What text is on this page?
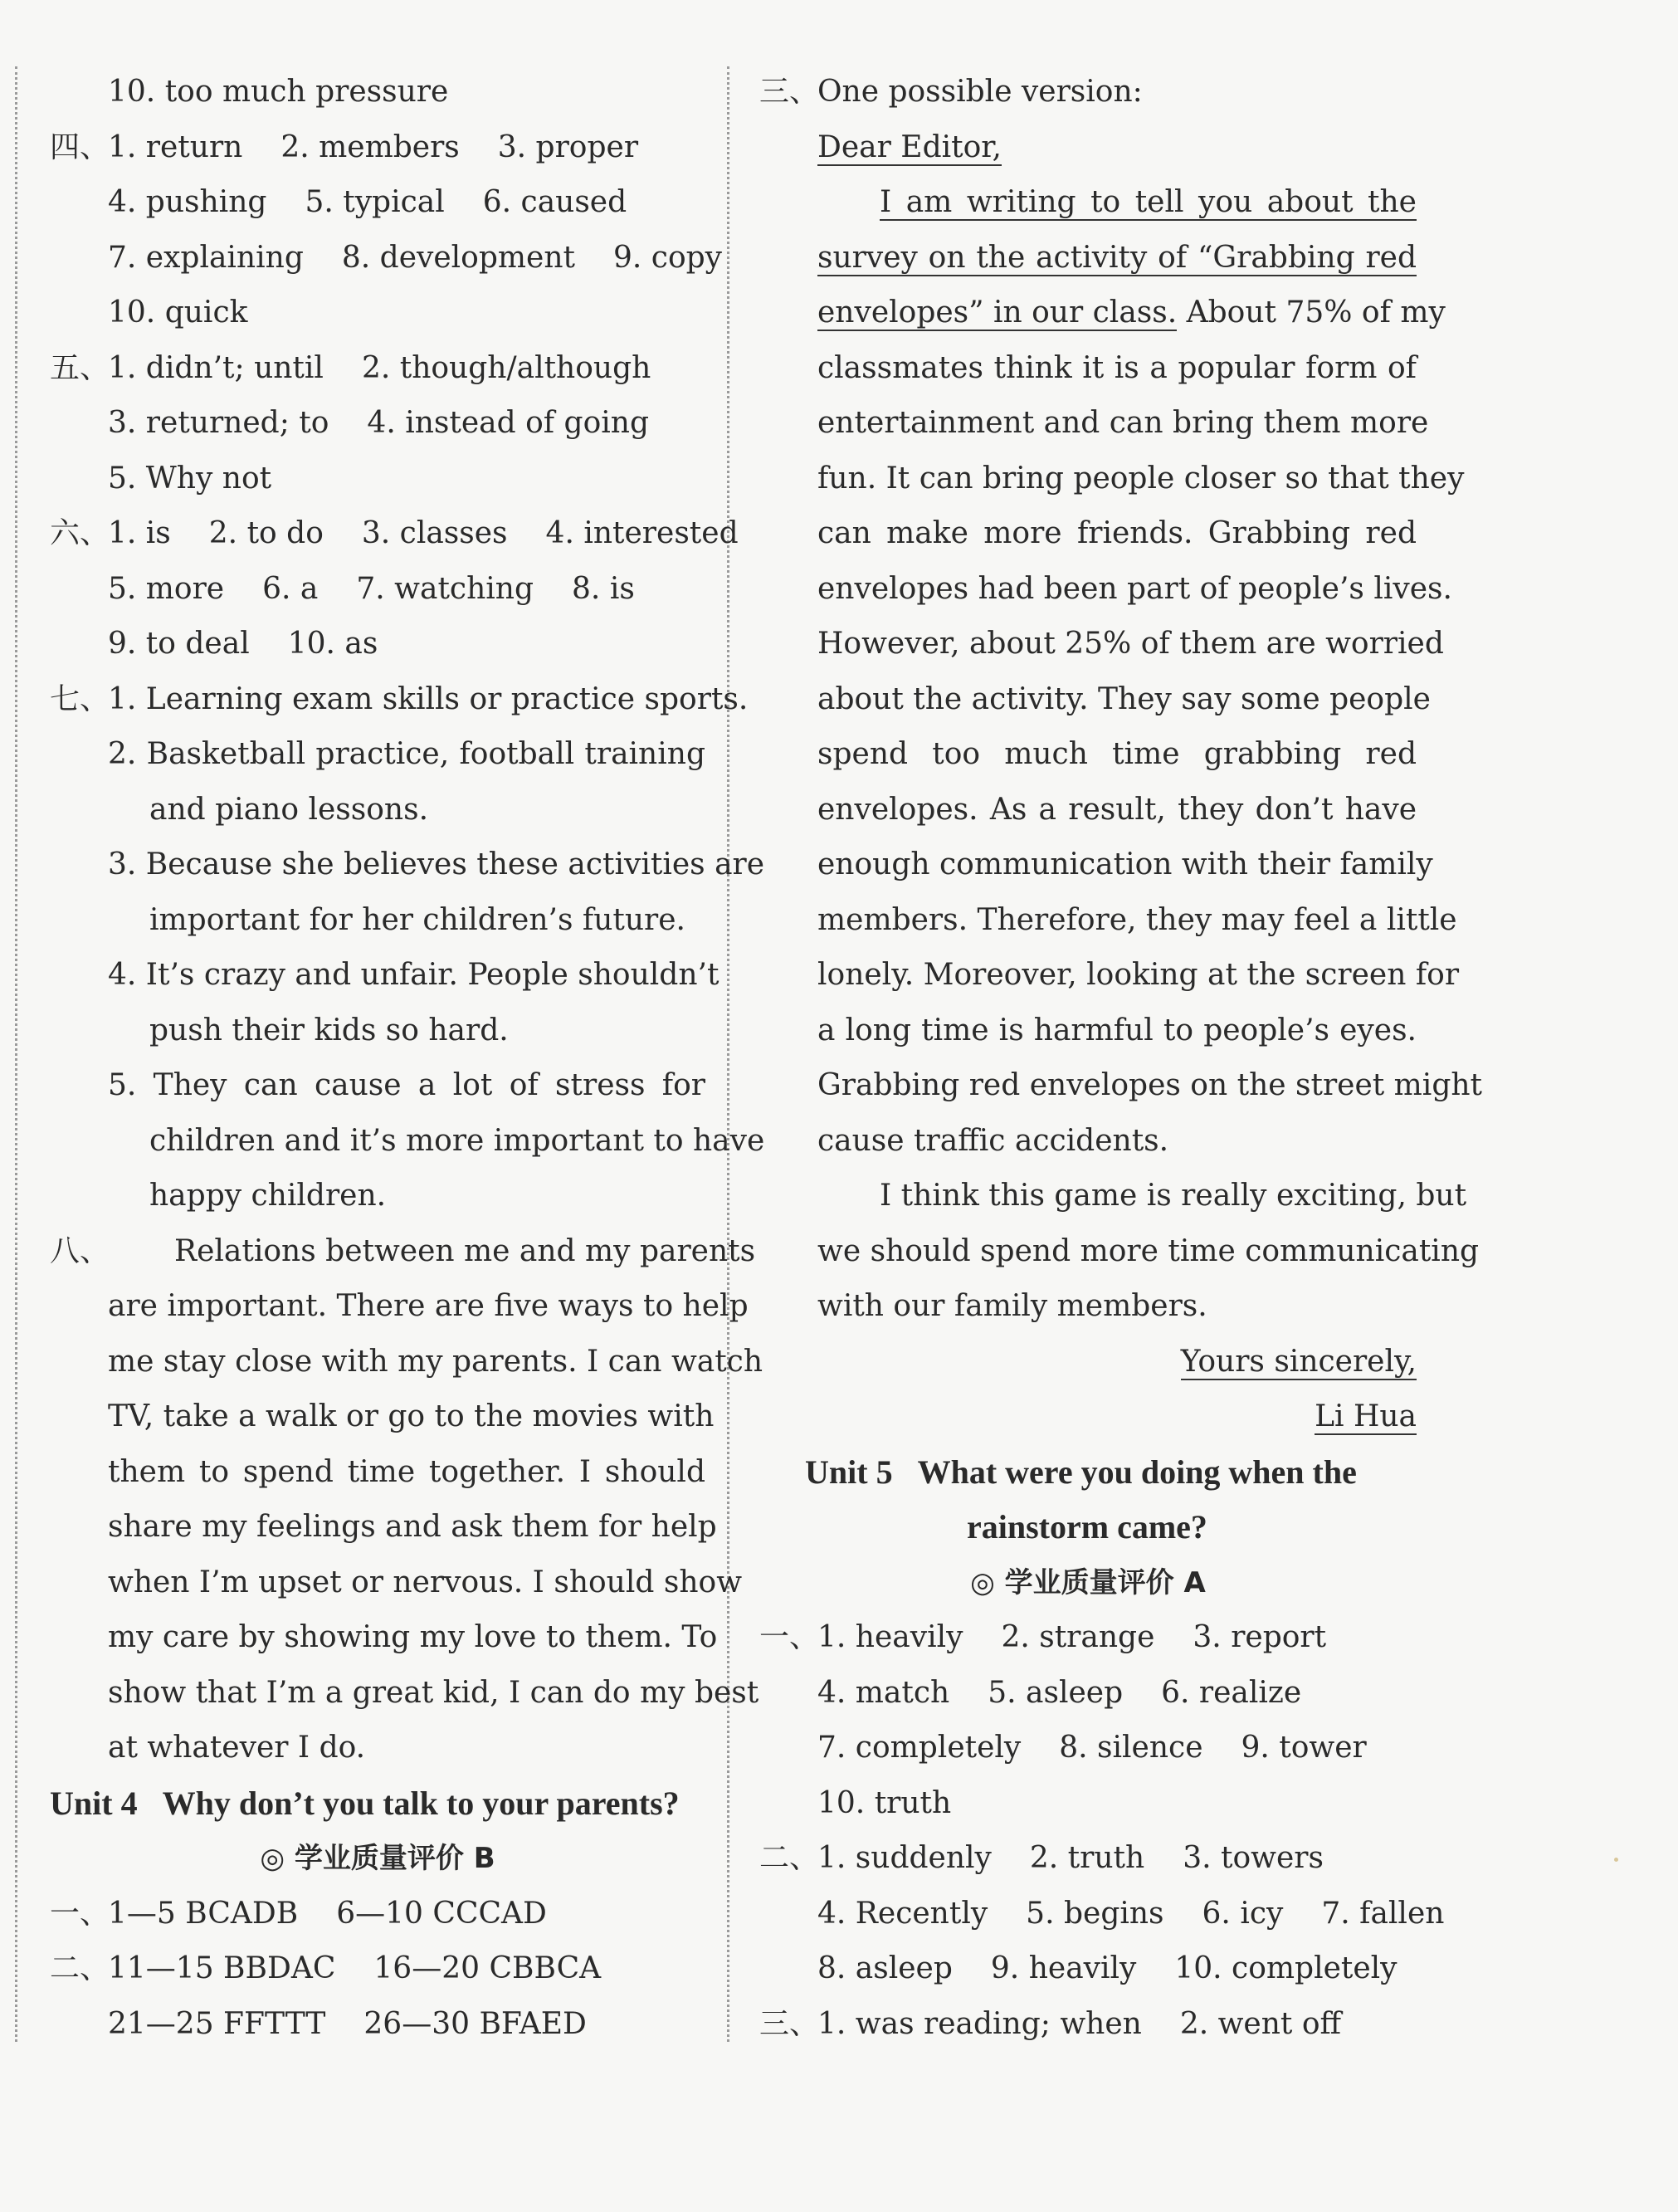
10. too much pressure
四、
1. return 2. members 3. proper
4. pushing 5. typical 6. caused
7. explaining 8. development 9. copy
10. quick
五、
1. didn’t; until 2. though/although
3. returned; to 4. instead of going
5. Why not
六、
1. is 2. to do 3. classes 4. interested
5. more 6. a 7. watching 8. is
9. to deal 10. as
七、
1. Learning exam skills or practice sports.
2. Basketball practice, football training
and piano lessons.
3. Because she believes these activities are
important for her children’s future.
4. It’s crazy and unfair. People shouldn’t
push their kids so hard.
5. They can cause a lot of stress for
children and it’s more important to have
happy children.
八、 Relations between me and my parents
are important. There are five ways to help
me stay close with my parents. I can watch
TV, take a walk or go to the movies with
them to spend time together. I should
share my feelings and ask them for help
when I’m upset or nervous. I should show
my care by showing my love to them. To
show that I’m a great kid, I can do my best
at whatever I do.
Unit 4 Why don’t you talk to your parents?
◎ 学业质量评价 B
一、
1—5 BCADB 6—10 CCCAD
二、
11—15 BBDAC 16—20 CBBCA
21—25 FFTTT 26—30 BFAED
三、
One possible version:
Dear Editor,
I am writing to tell you about the
survey on the activity of “Grabbing red
envelopes” in our class. About 75% of my
classmates think it is a popular form of
entertainment and can bring them more
fun. It can bring people closer so that they
can make more friends. Grabbing red
envelopes had been part of people’s lives.
However, about 25% of them are worried
about the activity. They say some people
spend too much time grabbing red
envelopes. As a result, they don’t have
enough communication with their family
members. Therefore, they may feel a little
lonely. Moreover, looking at the screen for
a long time is harmful to people’s eyes.
Grabbing red envelopes on the street might
cause traffic accidents.
I think this game is really exciting, but
we should spend more time communicating
with our family members.
Yours sincerely,
Li Hua
Unit 5 What were you doing when the
rainstorm came?
◎ 学业质量评价 A
一、
1. heavily 2. strange 3. report
4. match 5. asleep 6. realize
7. completely 8. silence 9. tower
10. truth
二、
1. suddenly 2. truth 3. towers
4. Recently 5. begins 6. icy 7. fallen
8. asleep 9. heavily 10. completely
三、
1. was reading; when 2. went off
